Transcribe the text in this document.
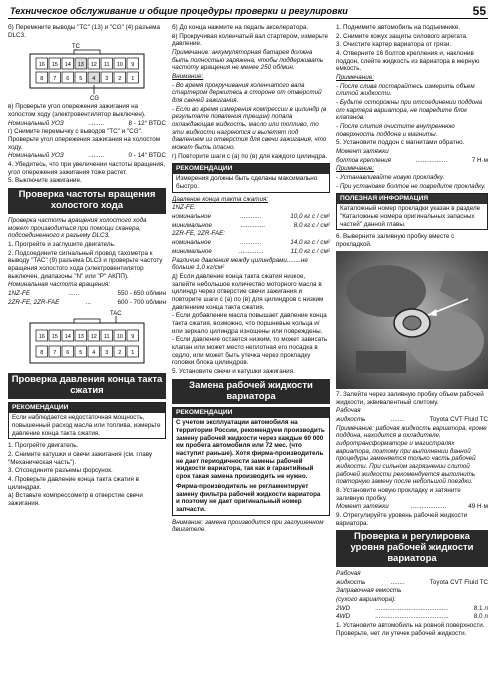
Техническое обслуживание и общие процедуры проверки и регулировки	55

б) Перемкните выводы "TC" (13) и "CG" (4) разъема DLC3.

TC
16 15 14 13 12 11 10 9
8 7 6 5 4 3 2 1
CG

в) Проверьте угол опережения зажигания на холостом ходу (электровентилятор выключен).

Номинальный УОЗ	.........	8 - 12° BTDC

г) Снимите перемычку с выводов "TC" и "CG". Проверьте угол опережения зажигания на холостом ходу.

Номинальный УОЗ	.........	0 - 14° BTDC

4. Убедитесь, что при увеличении частоты вращения, угол опережения зажигания тоже растет.

5. Выключите зажигание.

Проверка частоты вращения холостого хода

Проверка частоты вращения холостого хода может производиться при помощи сканера, подсоединенного к разъему DLC3.

1. Прогрейте и заглушите двигатель.

2. Подсоедините сигнальный провод тахометра к выводу "TAC" (9) разъема DLC3 и проверьте частоту вращения холостого хода (электровентилятор выключен, диапазоны "N" или "P" АКПП).

Номинальная частота вращения:

1NZ-FE	......	550 - 650 об/мин

2ZR-FE, 2ZR-FAE	...	600 - 700 об/мин

TAC
16 15 14 13 12 11 10 9
8 7 6 5 4 3 2 1
Проверка давления конца такта сжатия
РЕКОМЕНДАЦИИ
Если наблюдается недостаточная мощность, повышенный расход масла или топлива, измерьте давление конца такта сжатия.

1. Прогрейте двигатель.

2. Снимите катушки и свечи зажигания (см. главу "Механическая часть").

3. Отсоедините разъемы форсунок.

4. Проверьте давление конца такта сжатия в цилиндрах.

а) Вставьте компрессометр в отверстие свечи зажигания.

б) До конца нажмите на педаль акселератора.

в) Прокручивая коленчатый вал стартером, измерьте давление.

Примечание: аккумуляторная батарея должна быть полностью заряжена, чтобы поддерживать частоту вращения не менее 250 об/мин.

Внимание:

- Во время прокручивания коленчатого вала стартером держитесь в стороне от отверстий для свечей зажигания.

- Если во время измерения компрессии в цилиндр (в результате появления трещин) попала охлаждающая жидкость, масло или топливо, то эти жидкости нагреются и вылетят под давлением из отверстия для свечи зажигания, что может быть опасно.

г) Повторите шаги с (а) по (в) для каждого цилиндра.

РЕКОМЕНДАЦИИ
Измерения должны быть сделаны максимально быстро.

Давление конца такта сжатия:

1NZ-FE:

номинальное	............	10,0 кг с / см²

минимальное	..............	8,0 кг с / см²

2ZR-FE, 2ZR-FAE:

номинальное	............	14,0 кг с / см²

минимальное	..............	11,0 кг с / см²

Различие давления между цилиндрами........не больше 1,0 кг/см²

д) Если давление конца такта сжатия низкое, залейте небольшое количество моторного масла в цилиндр через отверстие свечи зажигания и повторите шаги с (а) по (в) для цилиндров с низким давлением конца такта сжатия.

- Если добавление масла повышает давление конца такта сжатия, возможно, что поршневые кольца и/или зеркало цилиндра изношены или повреждены.

- Если давление остается низким, то может зависать клапан или может место неплотная его посадка в седло, или может быть утечка через прокладку головки блока цилиндров.

5. Установите свечи и катушки зажигания.

Замена рабочей жидкости вариатора
РЕКОМЕНДАЦИИ
С учетом эксплуатации автомобиля на территории России, рекомендуем производить замену рабочей жидкости через каждые 60 000 км пробега автомобиля или 72 мес. (что наступит раньше). Хотя фирма-производитель не дает периодичности замены рабочей жидкости вариатора, так как в гарантийный срок такая замена производить не нужно.
Фирма-производитель не регламентирует замену фильтра рабочей жидкости вариатора и поэтому не дает оригинальный номер запчасти.

Внимание: замена производится при заглушенном двигателе.

1. Поднимите автомобиль на подъемнике.

2. Снимите кожух защиты силового агрегата.

3. Очистите картер вариатора от грязи.

4. Отверните 16 болтов крепления и, наклонив поддон, слейте жидкость из вариатора в мерную емкость.

Примечание:

- После слива постарайтесь измерить объем слитой жидкости.

- Будьте осторожны при отсоединении поддона от картера вариатора, не повредите блок клапанов.

- После слития очистите внутреннюю поверхность поддона и магниты.

5. Установите поддон с магнитами обратно.

Момент затяжки

болтов крепления	..................	7 Н·м

Примечание:

- Устанавливайте новую прокладку.

- При установке болтов не повредите прокладку.

ПОЛЕЗНАЯ ИНФОРМАЦИЯ
Каталожный номер прокладки указан в разделе "Каталожные номера оригинальных запасных частей" данной главы.

6. Выверните заливную пробку вместе с прокладкой.

7. Залейте через заливную пробку объем рабочей жидкости, эквивалентный слитому.

Рабочая

жидкость	........	Toyota CVT Fluid TC

Примечание: рабочая жидкость вариатора, кроме поддона, находится в охладителе, гидротрансформаторе и магистралях вариатора, поэтому при выполнении данной процедуры заменяется только часть рабочей жидкости. При сильном загрязнении слитой рабочей жидкости рекомендуется выполнить повторную замену после небольшой поездки.

8. Установите новую прокладку и затяните заливную пробку.

Момент затяжки	....................	49 Н·м

9. Отрегулируйте уровень рабочей жидкости вариатора.

Проверка и регулировка уровня рабочей жидкости вариатора

Рабочая

жидкость	........	Toyota CVT Fluid TC

Заправочная емкость

(сухого вариатора):

2WD	..........................................	8,1 л

4WD	..........................................	8,0 л

1. Установите автомобиль на ровной поверхности. Проверьте, нет ли утечек рабочей жидкости.
